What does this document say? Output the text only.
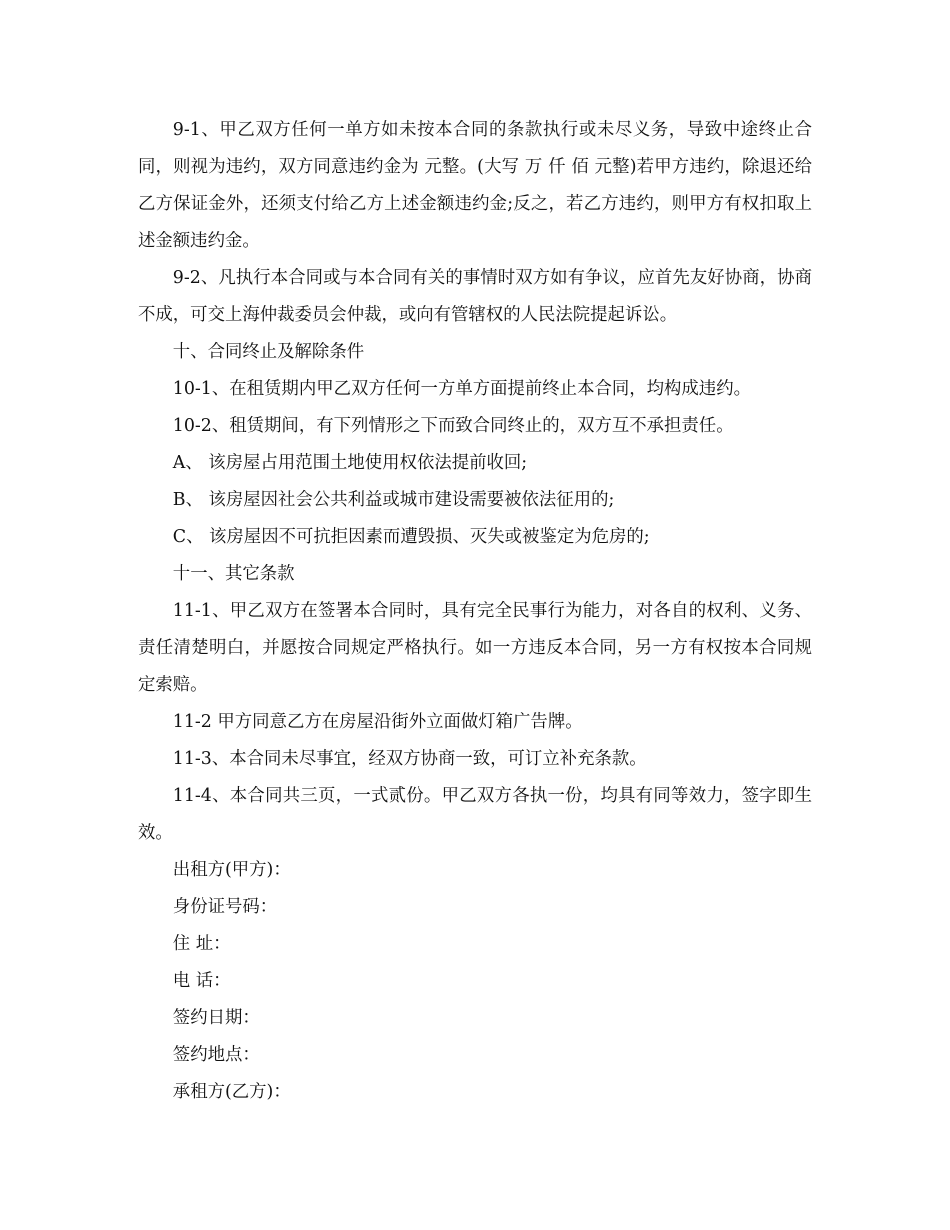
9-1、甲乙双方任何一单方如未按本合同的条款执行或未尽义务，导致中途终止合同，则视为违约，双方同意违约金为 元整。(大写 万 仟 佰 元整)若甲方违约，除退还给乙方保证金外，还须支付给乙方上述金额违约金;反之，若乙方违约，则甲方有权扣取上述金额违约金。

9-2、凡执行本合同或与本合同有关的事情时双方如有争议，应首先友好协商，协商不成，可交上海仲裁委员会仲裁，或向有管辖权的人民法院提起诉讼。

十、合同终止及解除条件

10-1、在租赁期内甲乙双方任何一方单方面提前终止本合同，均构成违约。

10-2、租赁期间，有下列情形之下而致合同终止的，双方互不承担责任。

A、 该房屋占用范围土地使用权依法提前收回;

B、 该房屋因社会公共利益或城市建设需要被依法征用的;

C、 该房屋因不可抗拒因素而遭毁损、灭失或被鉴定为危房的;

十一、其它条款

11-1、甲乙双方在签署本合同时，具有完全民事行为能力，对各自的权利、义务、责任清楚明白，并愿按合同规定严格执行。如一方违反本合同，另一方有权按本合同规定索赔。

11-2 甲方同意乙方在房屋沿街外立面做灯箱广告牌。

11-3、本合同未尽事宜，经双方协商一致，可订立补充条款。

11-4、本合同共三页，一式贰份。甲乙双方各执一份，均具有同等效力，签字即生效。

出租方(甲方)：

身份证号码：

住 址：

电 话：

签约日期：

签约地点：

承租方(乙方)：
